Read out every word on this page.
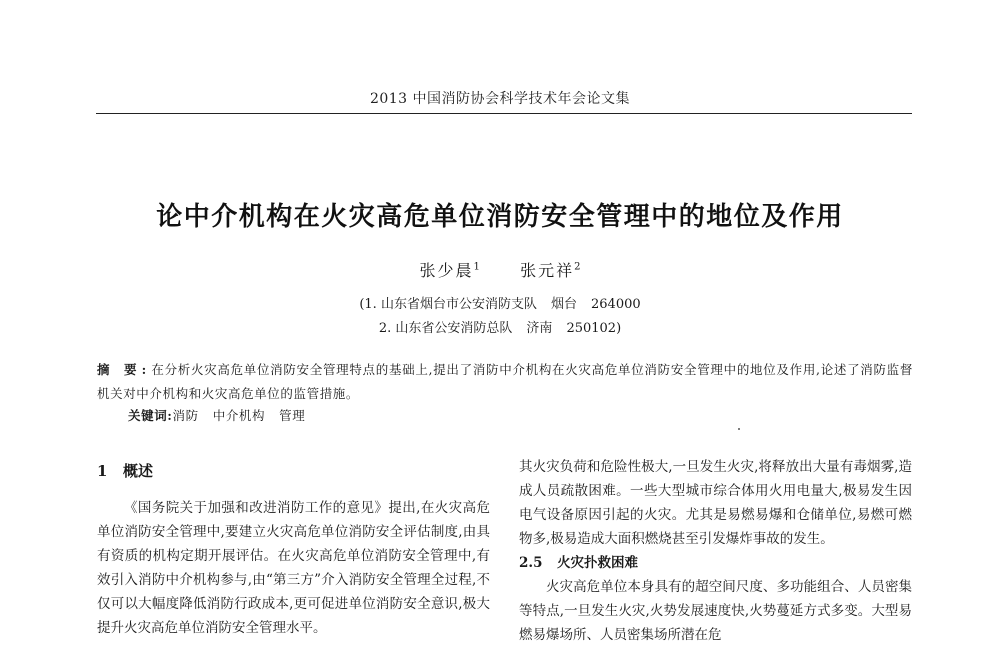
2013 中国消防协会科学技术年会论文集
论中介机构在火灾高危单位消防安全管理中的地位及作用
张少晨$^1$	张元祥$^2$
(1. 山东省烟台市公安消防支队 烟台 264000
2. 山东省公安消防总队 济南 250102)
摘 要:在分析火灾高危单位消防安全管理特点的基础上,提出了消防中介机构在火灾高危单位消防安全管理中的地位及作用,论述了消防监督机关对中介机构和火灾高危单位的监管措施。
关键词:消防 中介机构 管理
1 概述

《国务院关于加强和改进消防工作的意见》提出,在火灾高危单位消防安全管理中,要建立火灾高危单位消防安全评估制度,由具有资质的机构定期开展评估。在火灾高危单位消防安全管理中,有效引入消防中介机构参与,由“第三方”介入消防安全管理全过程,不仅可以大幅度降低消防行政成本,更可促进单位消防安全意识,极大提升火灾高危单位消防安全管理水平。

其火灾负荷和危险性极大,一旦发生火灾,将释放出大量有毒烟雾,造成人员疏散困难。一些大型城市综合体用火用电量大,极易发生因电气设备原因引起的火灾。尤其是易燃易爆和仓储单位,易燃可燃物多,极易造成大面积燃烧甚至引发爆炸事故的发生。

2.5 火灾扑救困难

火灾高危单位本身具有的超空间尺度、多功能组合、人员密集等特点,一旦发生火灾,火势发展速度快,火势蔓延方式多变。大型易燃易爆场所、人员密集场所潜在危
